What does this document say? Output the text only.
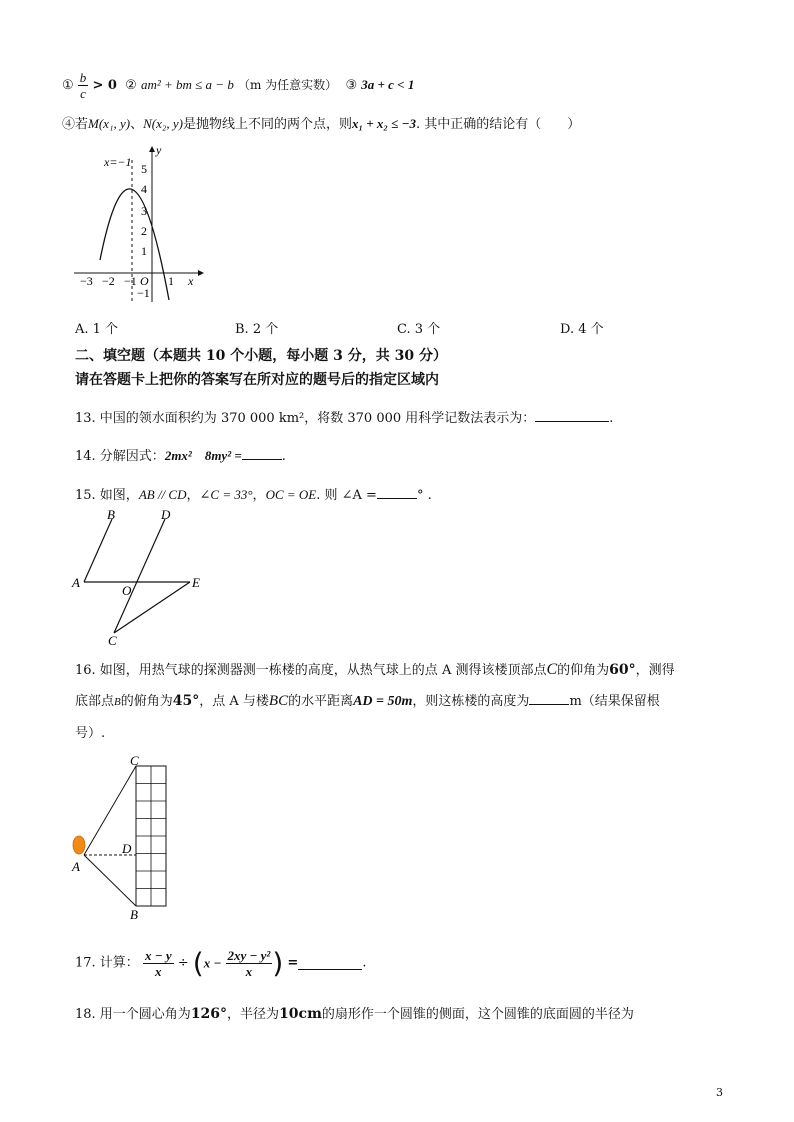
① $\frac{b}{c} > 0$ ② am² + bm ≤ a − b （m 为任意实数） ③ 3a + c < 1
④若M(x₁, y)、N(x₂, y)是抛物线上不同的两个点，则x₁ + x₂ ≤ −3. 其中正确的结论有（　　）
x=−1
y
x
O
5
4
3
2
1
−1
−3 −2 −1	1
A. 1 个	B. 2 个	C. 3 个	D. 4 个
二、填空题（本题共 10 个小题，每小题 3 分，共 30 分）
请在答题卡上把你的答案写在所对应的题号后的指定区域内
13. 中国的领水面积约为 370 000 km²，将数 370 000 用科学记数法表示为：	.
14. 分解因式：2mx²　8my² =	.
15. 如图，AB // CD，∠C = 33°，OC = OE. 则 ∠A =	° .
B	D
A
O
E
C
16. 如图，用热气球的探测器测一栋楼的高度，从热气球上的点 A 测得该楼顶部点C的仰角为60°，测得
底部点B的俯角为45°，点 A 与楼BC的水平距离AD = 50m，则这栋楼的高度为	m（结果保留根
号）.
C
D
A
B
17. 计算： $\frac{x - y}{x} \div (x - \frac{\text{2xy − y²}}{x}$ ) =	.
18. 用一个圆心角为126°，半径为10cm的扇形作一个圆锥的侧面，这个圆锥的底面圆的半径为
3
